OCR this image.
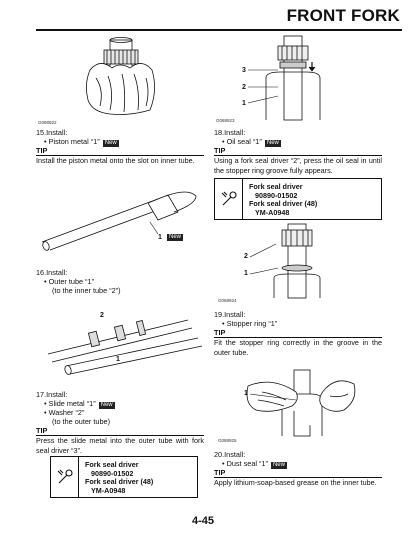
FRONT FORK
G088922
15.Install:
• Piston metal “1” New
TIP
Install the piston metal onto the slot on inner tube.
1	New
16.Install:
• Outer tube “1”
(to the inner tube “2”)
2
1
17.Install:
• Slide metal “1” New
• Washer “2”
(to the outer tube)
TIP
Press the slide metal into the outer tube with fork seal driver “3”.
Fork seal driver
90890-01502
Fork seal driver (48)
YM-A0948
3
2
1
G088923
18.Install:
• Oil seal “1” New
TIP
Using a fork seal driver “2”, press the oil seal in until the stopper ring groove fully appears.
Fork seal driver
90890-01502
Fork seal driver (48)
YM-A0948
2
1
G088924
19.Install:
• Stopper ring “1”
TIP
Fit the stopper ring correctly in the groove in the outer tube.
1
G088925
20.Install:
• Dust seal “1” New
TIP
Apply lithium-soap-based grease on the inner tube.
4-45
